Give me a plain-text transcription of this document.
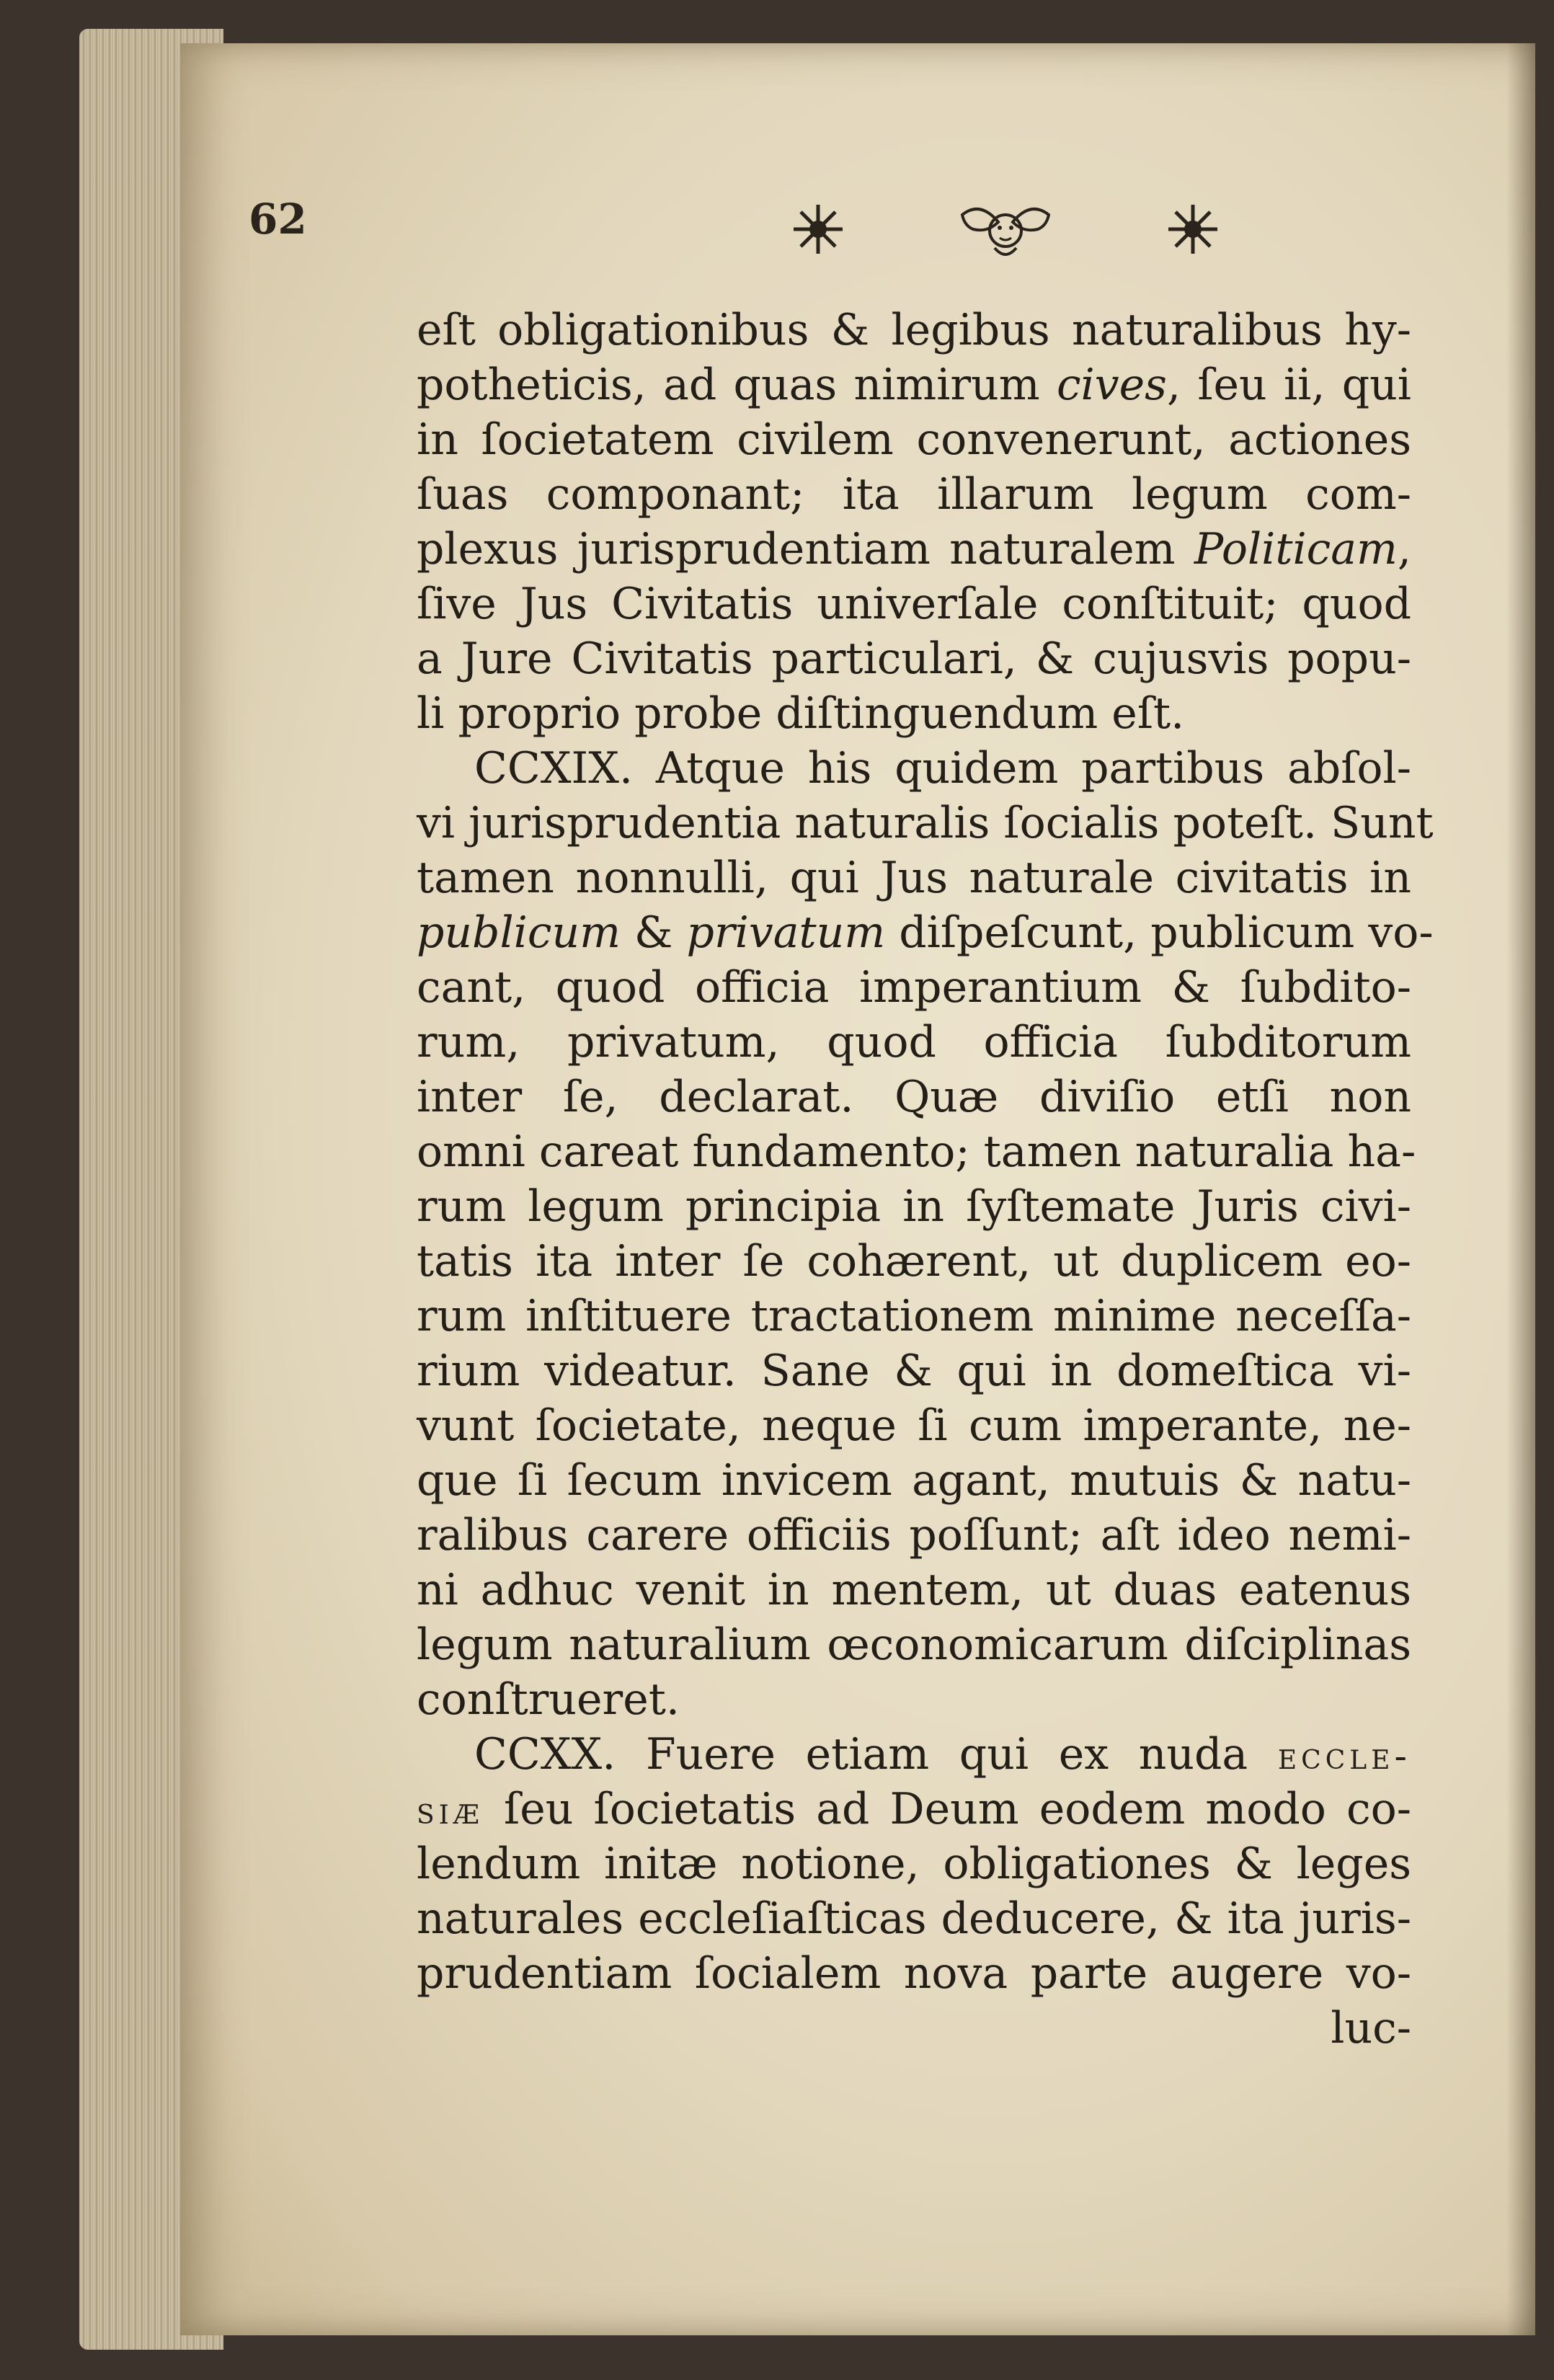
62
eſt obligationibus & legibus naturalibus hy-
potheticis, ad quas nimirum cives, ſeu ii, qui
in ſocietatem civilem convenerunt, actiones
ſuas componant; ita illarum legum com-
plexus jurisprudentiam naturalem Politicam,
ſive Jus Civitatis univerſale conſtituit; quod
a Jure Civitatis particulari, & cujusvis popu-
li proprio probe diſtinguendum eſt.
CCXIX. Atque his quidem partibus abſol-
vi jurisprudentia naturalis ſocialis poteſt. Sunt
tamen nonnulli, qui Jus naturale civitatis in
publicum & privatum diſpeſcunt, publicum vo-
cant, quod officia imperantium & ſubdito-
rum, privatum, quod officia ſubditorum
inter ſe, declarat. Quæ diviſio etſi non
omni careat fundamento; tamen naturalia ha-
rum legum principia in ſyſtemate Juris civi-
tatis ita inter ſe cohærent, ut duplicem eo-
rum inſtituere tractationem minime neceſſa-
rium videatur. Sane & qui in domeſtica vi-
vunt ſocietate, neque ſi cum imperante, ne-
que ſi ſecum invicem agant, mutuis & natu-
ralibus carere officiis poſſunt; aſt ideo nemi-
ni adhuc venit in mentem, ut duas eatenus
legum naturalium œconomicarum diſciplinas
conſtrueret.
CCXX. Fuere etiam qui ex nuda eccle-
siæ ſeu ſocietatis ad Deum eodem modo co-
lendum initæ notione, obligationes & leges
naturales eccleſiaſticas deducere, & ita juris-
prudentiam ſocialem nova parte augere vo-
luc-
